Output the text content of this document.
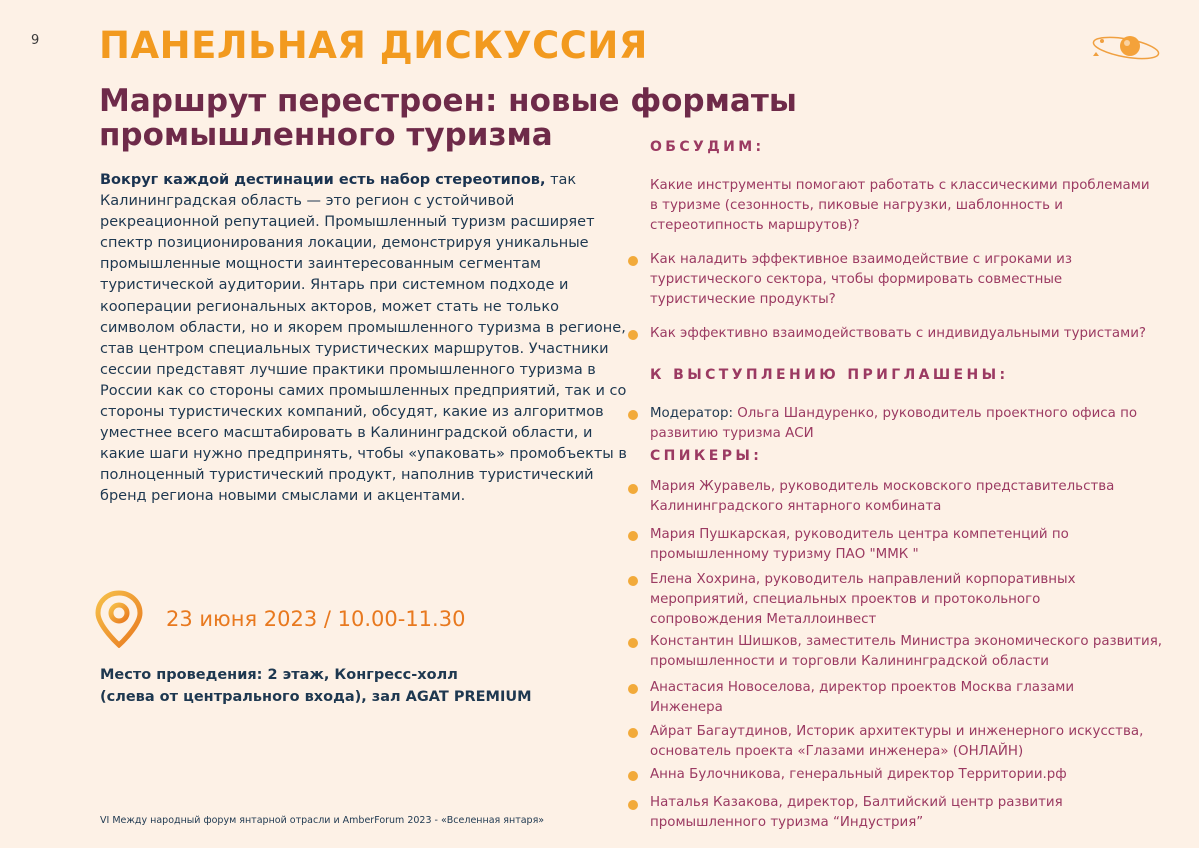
9 ПАНЕЛЬНАЯ ДИСКУССИЯ
Маршрут перестроен: новые форматы промышленного туризма
Вокруг каждой дестинации есть набор стереотипов, так Калининградская область — это регион с устойчивой рекреационной репутацией. Промышленный туризм расширяет спектр позиционирования локации, демонстрируя уникальные промышленные мощности заинтересованным сегментам туристической аудитории. Янтарь при системном подходе и кооперации региональных акторов, может стать не только символом области, но и якорем промышленного туризма в регионе, став центром специальных туристических маршрутов. Участники сессии представят лучшие практики промышленного туризма в России как со стороны самих промышленных предприятий, так и со стороны туристических компаний, обсудят, какие из алгоритмов уместнее всего масштабировать в Калининградской области, и какие шаги нужно предпринять, чтобы «упаковать» промобъекты в полноценный туристический продукт, наполнив туристический бренд региона новыми смыслами и акцентами.
23 июня 2023 / 10.00-11.30
Место проведения: 2 этаж, Конгресс-холл
(слева от центрального входа), зал AGAT PREMIUM
VI Между народный форум янтарной отрасли и AmberForum 2023 - «Вселенная янтаря»
ОБСУДИМ:
Какие инструменты помогают работать с классическими проблемами в туризме (сезонность, пиковые нагрузки, шаблонность и стереотипность маршрутов)?
Как наладить эффективное взаимодействие с игроками из туристического сектора, чтобы формировать совместные туристические продукты?
Как эффективно взаимодействовать с индивидуальными туристами?
К ВЫСТУПЛЕНИЮ ПРИГЛАШЕНЫ:
Модератор: Ольга Шандуренко, руководитель проектного офиса по развитию туризма АСИ
СПИКЕРЫ:
Мария Журавель, руководитель московского представительства Калининградского янтарного комбината
Мария Пушкарская, руководитель центра компетенций по промышленному туризму ПАО "ММК "
Елена Хохрина, руководитель направлений корпоративных мероприятий, специальных проектов и протокольного сопровождения Металлоинвест
Константин Шишков, заместитель Министра экономического развития, промышленности и торговли Калининградской области
Анастасия Новоселова, директор проектов Москва глазами Инженера
Айрат Багаутдинов, Историк архитектуры и инженерного искусства, основатель проекта «Глазами инженера» (ОНЛАЙН)
Анна Булочникова, генеральный директор Территории.рф
Наталья Казакова, директор, Балтийский центр развития промышленного туризма “Индустрия”
